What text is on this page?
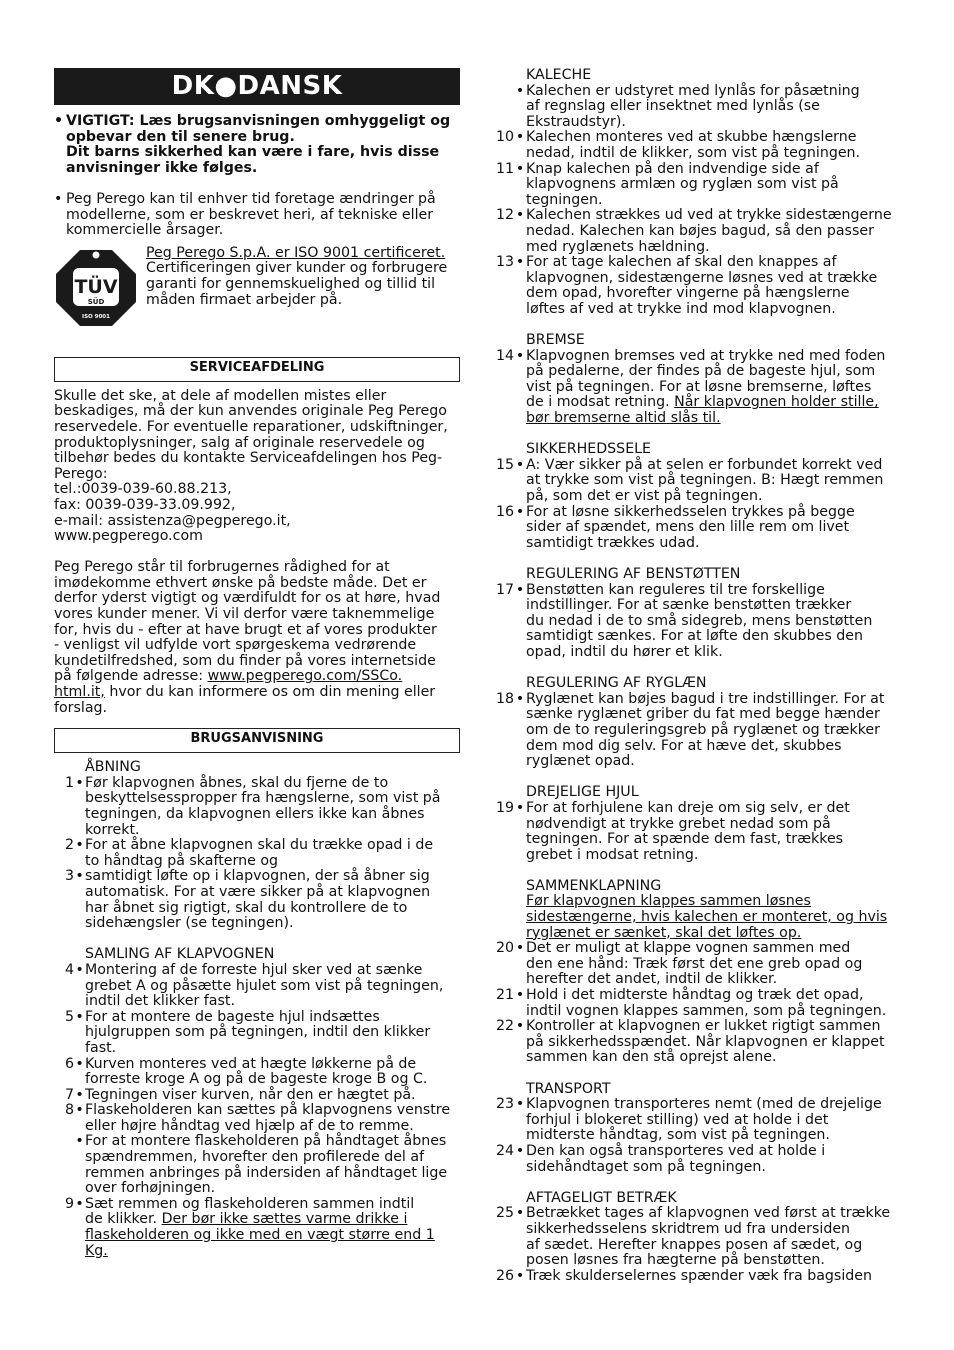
DK●DANSK
• VIGTIGT: Læs brugsanvisningen omhyggeligt og

opbevar den til senere brug.

Dit barns sikkerhed kan være i fare, hvis disse

anvisninger ikke følges.

• Peg Perego kan til enhver tid foretage ændringer på

modellerne, som er beskrevet heri, af tekniske eller

kommercielle årsager.

TÜV
SÜD
ISO 9001

Peg Perego S.p.A. er ISO 9001 certificeret.

Certificeringen giver kunder og forbrugere

garanti for gennemskuelighed og tillid til

måden firmaet arbejder på.

SERVICEAFDELING

Skulle det ske, at dele af modellen mistes eller

beskadiges, må der kun anvendes originale Peg Perego

reservedele. For eventuelle reparationer, udskiftninger,

produktoplysninger, salg af originale reservedele og

tilbehør bedes du kontakte Serviceafdelingen hos Peg-

Perego:

tel.:0039-039-60.88.213,

fax: 0039-039-33.09.992,

e-mail: assistenza@pegperego.it,

www.pegperego.com

Peg Perego står til forbrugernes rådighed for at

imødekomme ethvert ønske på bedste måde. Det er

derfor yderst vigtigt og værdifuldt for os at høre, hvad

vores kunder mener. Vi vil derfor være taknemmelige

for, hvis du - efter at have brugt et af vores produkter

- venligst vil udfylde vort spørgeskema vedrørende

kundetilfredshed, som du finder på vores internetside

på følgende adresse: www.pegperego.com/SSCo.

html.it, hvor du kan informere os om din mening eller

forslag.

BRUGSANVISNING

ÅBNING

1 • Før klapvognen åbnes, skal du fjerne de to

beskyttelsesspropper fra hængslerne, som vist på

tegningen, da klapvognen ellers ikke kan åbnes

korrekt.

2 • For at åbne klapvognen skal du trække opad i de

to håndtag på skafterne og

3 • samtidigt løfte op i klapvognen, der så åbner sig

automatisk. For at være sikker på at klapvognen

har åbnet sig rigtigt, skal du kontrollere de to

sidehængsler (se tegningen).

SAMLING AF KLAPVOGNEN

4 • Montering af de forreste hjul sker ved at sænke

grebet A og påsætte hjulet som vist på tegningen,

indtil det klikker fast.

5 • For at montere de bageste hjul indsættes

hjulgruppen som på tegningen, indtil den klikker

fast.

6 • Kurven monteres ved at hægte løkkerne på de

forreste kroge A og på de bageste kroge B og C.

7 • Tegningen viser kurven, når den er hægtet på.

8 • Flaskeholderen kan sættes på klapvognens venstre

eller højre håndtag ved hjælp af de to remme.

• For at montere flaskeholderen på håndtaget åbnes

spændremmen, hvorefter den profilerede del af

remmen anbringes på indersiden af håndtaget lige

over forhøjningen.

9 • Sæt remmen og flaskeholderen sammen indtil

de klikker. Der bør ikke sættes varme drikke i

flaskeholderen og ikke med en vægt større end 1

Kg.

KALECHE

• Kalechen er udstyret med lynlås for påsætning

af regnslag eller insektnet med lynlås (se

Ekstraudstyr).

10 • Kalechen monteres ved at skubbe hængslerne

nedad, indtil de klikker, som vist på tegningen.

11 • Knap kalechen på den indvendige side af

klapvognens armlæn og ryglæn som vist på

tegningen.

12 • Kalechen strækkes ud ved at trykke sidestængerne

nedad. Kalechen kan bøjes bagud, så den passer

med ryglænets hældning.

13 • For at tage kalechen af skal den knappes af

klapvognen, sidestængerne løsnes ved at trække

dem opad, hvorefter vingerne på hængslerne

løftes af ved at trykke ind mod klapvognen.

BREMSE

14 • Klapvognen bremses ved at trykke ned med foden

på pedalerne, der findes på de bageste hjul, som

vist på tegningen. For at løsne bremserne, løftes

de i modsat retning. Når klapvognen holder stille,

bør bremserne altid slås til.

SIKKERHEDSSELE

15 • A: Vær sikker på at selen er forbundet korrekt ved

at trykke som vist på tegningen. B: Hægt remmen

på, som det er vist på tegningen.

16 • For at løsne sikkerhedsselen trykkes på begge

sider af spændet, mens den lille rem om livet

samtidigt trækkes udad.

REGULERING AF BENSTØTTEN

17 • Benstøtten kan reguleres til tre forskellige

indstillinger. For at sænke benstøtten trækker

du nedad i de to små sidegreb, mens benstøtten

samtidigt sænkes. For at løfte den skubbes den

opad, indtil du hører et klik.

REGULERING AF RYGLÆN

18 • Ryglænet kan bøjes bagud i tre indstillinger. For at

sænke ryglænet griber du fat med begge hænder

om de to reguleringsgreb på ryglænet og trækker

dem mod dig selv. For at hæve det, skubbes

ryglænet opad.

DREJELIGE HJUL

19 • For at forhjulene kan dreje om sig selv, er det

nødvendigt at trykke grebet nedad som på

tegningen. For at spænde dem fast, trækkes

grebet i modsat retning.

SAMMENKLAPNING

Før klapvognen klappes sammen løsnes

sidestængerne, hvis kalechen er monteret, og hvis

ryglænet er sænket, skal det løftes op.

20 • Det er muligt at klappe vognen sammen med

den ene hånd: Træk først det ene greb opad og

herefter det andet, indtil de klikker.

21 • Hold i det midterste håndtag og træk det opad,

indtil vognen klappes sammen, som på tegningen.

22 • Kontroller at klapvognen er lukket rigtigt sammen

på sikkerhedsspændet. Når klapvognen er klappet

sammen kan den stå oprejst alene.

TRANSPORT

23 • Klapvognen transporteres nemt (med de drejelige

forhjul i blokeret stilling) ved at holde i det

midterste håndtag, som vist på tegningen.

24 • Den kan også transporteres ved at holde i

sidehåndtaget som på tegningen.

AFTAGELIGT BETRÆK

25 • Betrækket tages af klapvognen ved først at trække

sikkerhedsselens skridtrem ud fra undersiden

af sædet. Herefter knappes posen af sædet, og

posen løsnes fra hægterne på benstøtten.

26 • Træk skulderselernes spænder væk fra bagsiden
